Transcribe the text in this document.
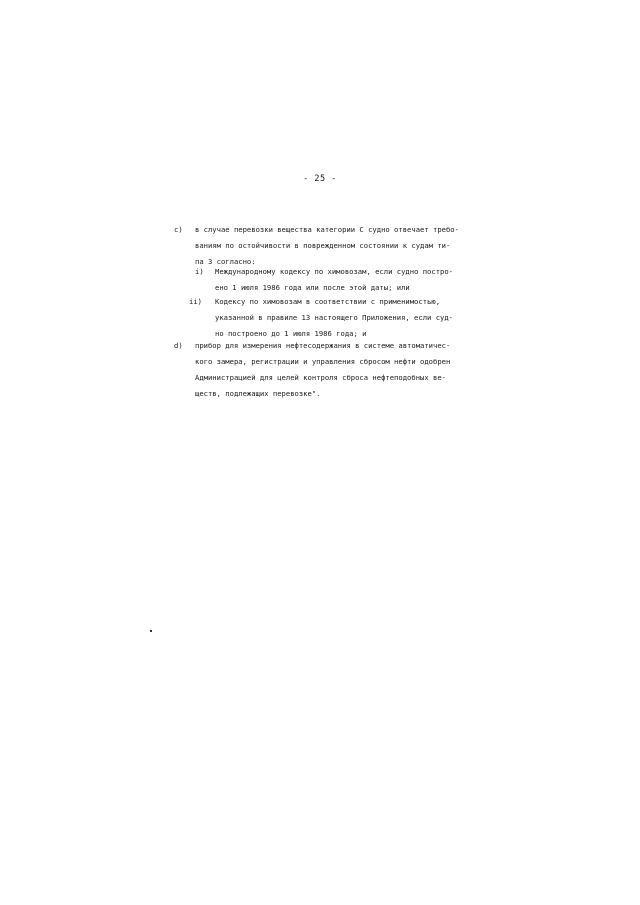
- 25 -
c) в случае перевозки вещества категории С судно отвечает требо-
ваниям по остойчивости в поврежденном состоянии к судам ти-
па 3 согласно:
i) Международному кодексу по химовозам, если судно постро-
ено 1 июля 1986 года или после этой даты; или
ii) Кодексу по химовозам в соответствии с применимостью,
указанной в правиле 13 настоящего Приложения, если суд-
но построено до 1 июля 1986 года; и
d) прибор для измерения нефтесодержания в системе автоматичес-
кого замера, регистрации и управления сбросом нефти одобрен
Администрацией для целей контроля сброса нефтеподобных ве-
ществ, подлежащих перевозке".
